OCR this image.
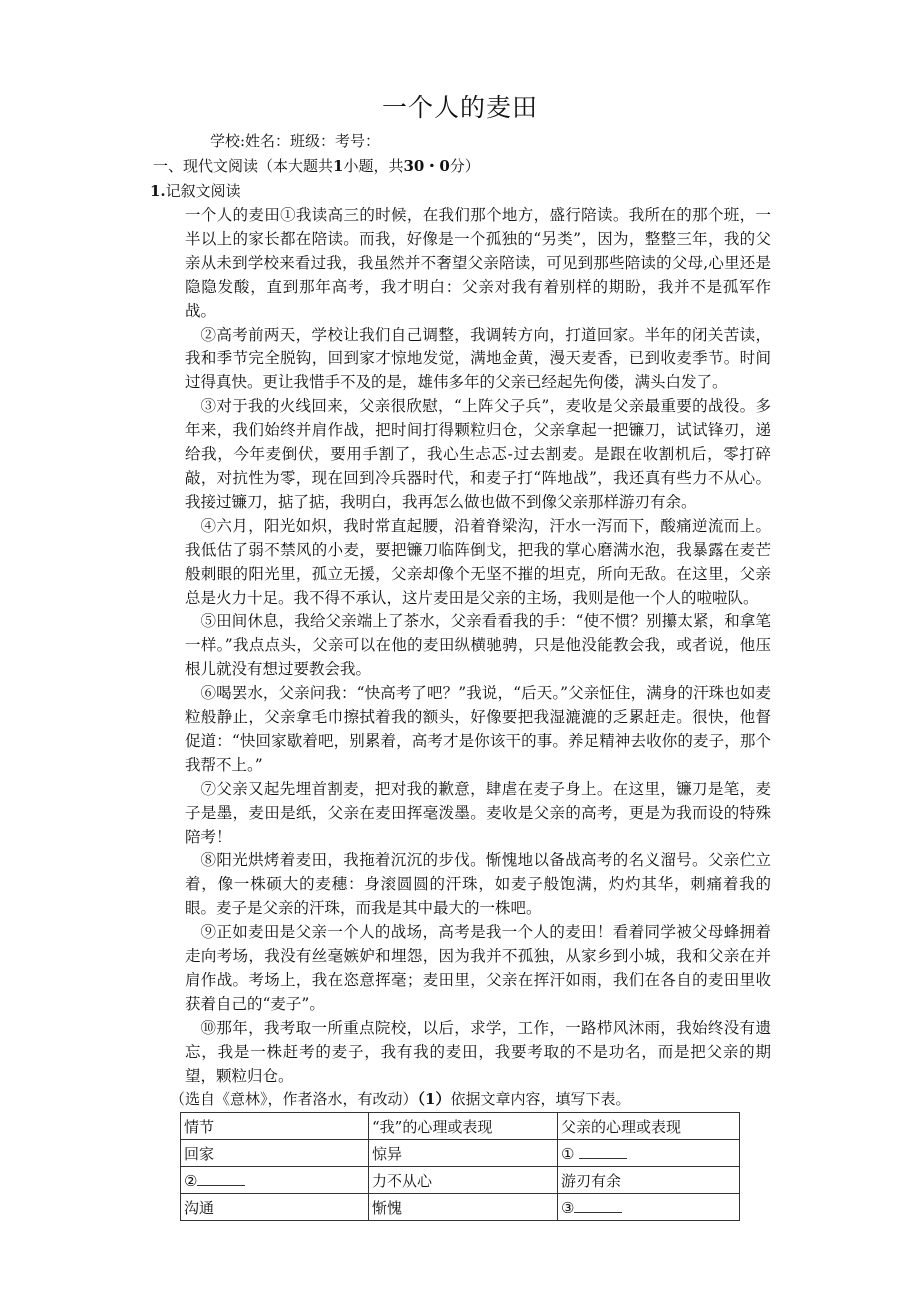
一个人的麦田
学校:姓名：班级：考号：
一、现代文阅读（本大题共1小题，共30・0分）
1.记叙文阅读

一个人的麦田①我读高三的时候，在我们那个地方，盛行陪读。我所在的那个班，一半以上的家长都在陪读。而我，好像是一个孤独的“另类”，因为，整整三年，我的父亲从未到学校来看过我，我虽然并不奢望父亲陪读，可见到那些陪读的父母,心里还是隐隐发酸，直到那年高考，我才明白：父亲对我有着别样的期盼，我并不是孤军作战。

②高考前两天，学校让我们自己调整，我调转方向，打道回家。半年的闭关苦读，我和季节完全脱钩，回到家才惊地发觉，满地金黄，漫天麦香，已到收麦季节。时间过得真快。更让我惜手不及的是，雄伟多年的父亲已经起先佝偻，满头白发了。

③对于我的火线回来，父亲很欣慰，“上阵父子兵”，麦收是父亲最重要的战役。多年来，我们始终并肩作战，把时间打得颗粒归仓，父亲拿起一把镰刀，试试锋刃，递给我，今年麦倒伏，要用手割了，我心生忐忑-过去割麦。是跟在收割机后，零打碎敲，对抗性为零，现在回到冷兵器时代，和麦子打“阵地战”，我还真有些力不从心。我接过镰刀，掂了掂，我明白，我再怎么做也做不到像父亲那样游刃有余。

④六月，阳光如炽，我时常直起腰，沿着脊梁沟，汗水一泻而下，酸痛逆流而上。我低估了弱不禁风的小麦，要把镰刀临阵倒戈，把我的掌心磨满水泡，我暴露在麦芒般刺眼的阳光里，孤立无援，父亲却像个无坚不摧的坦克，所向无敌。在这里，父亲总是火力十足。我不得不承认，这片麦田是父亲的主场，我则是他一个人的啦啦队。

⑤田间休息，我给父亲端上了茶水，父亲看看我的手：“使不惯？别攥太紧，和拿笔一样。”我点点头，父亲可以在他的麦田纵横驰骋，只是他没能教会我，或者说，他压根儿就没有想过要教会我。

⑥喝罢水，父亲问我：“快高考了吧？”我说，“后天。”父亲怔住，满身的汗珠也如麦粒般静止，父亲拿毛巾擦拭着我的额头，好像要把我湿漉漉的乏累赶走。很快，他督促道：“快回家歇着吧，别累着，高考才是你该干的事。养足精神去收你的麦子，那个我帮不上。”

⑦父亲又起先埋首割麦，把对我的歉意，肆虐在麦子身上。在这里，镰刀是笔，麦子是墨，麦田是纸，父亲在麦田挥毫泼墨。麦收是父亲的高考，更是为我而设的特殊陪考！

⑧阳光烘烤着麦田，我拖着沉沉的步伐。惭愧地以备战高考的名义溜号。父亲伫立着，像一株硕大的麦穗：身滚圆圆的汗珠，如麦子般饱满，灼灼其华，刺痛着我的眼。麦子是父亲的汗珠，而我是其中最大的一株吧。

⑨正如麦田是父亲一个人的战场，高考是我一个人的麦田！看着同学被父母蜂拥着走向考场，我没有丝毫嫉妒和埋怨，因为我并不孤独，从家乡到小城，我和父亲在并肩作战。考场上，我在恣意挥毫；麦田里，父亲在挥汗如雨，我们在各自的麦田里收获着自己的“麦子”。

⑩那年，我考取一所重点院校，以后，求学，工作，一路栉风沐雨，我始终没有遗忘，我是一株赶考的麦子，我有我的麦田，我要考取的不是功名，而是把父亲的期望，颗粒归仓。

（选自《意林》，作者洛水，有改动）（1）依据文章内容，填写下表。
情节	“我”的心理或表现	父亲的心理或表现
回家	惊异	①
②	力不从心	游刃有余
沟通	惭愧	③
